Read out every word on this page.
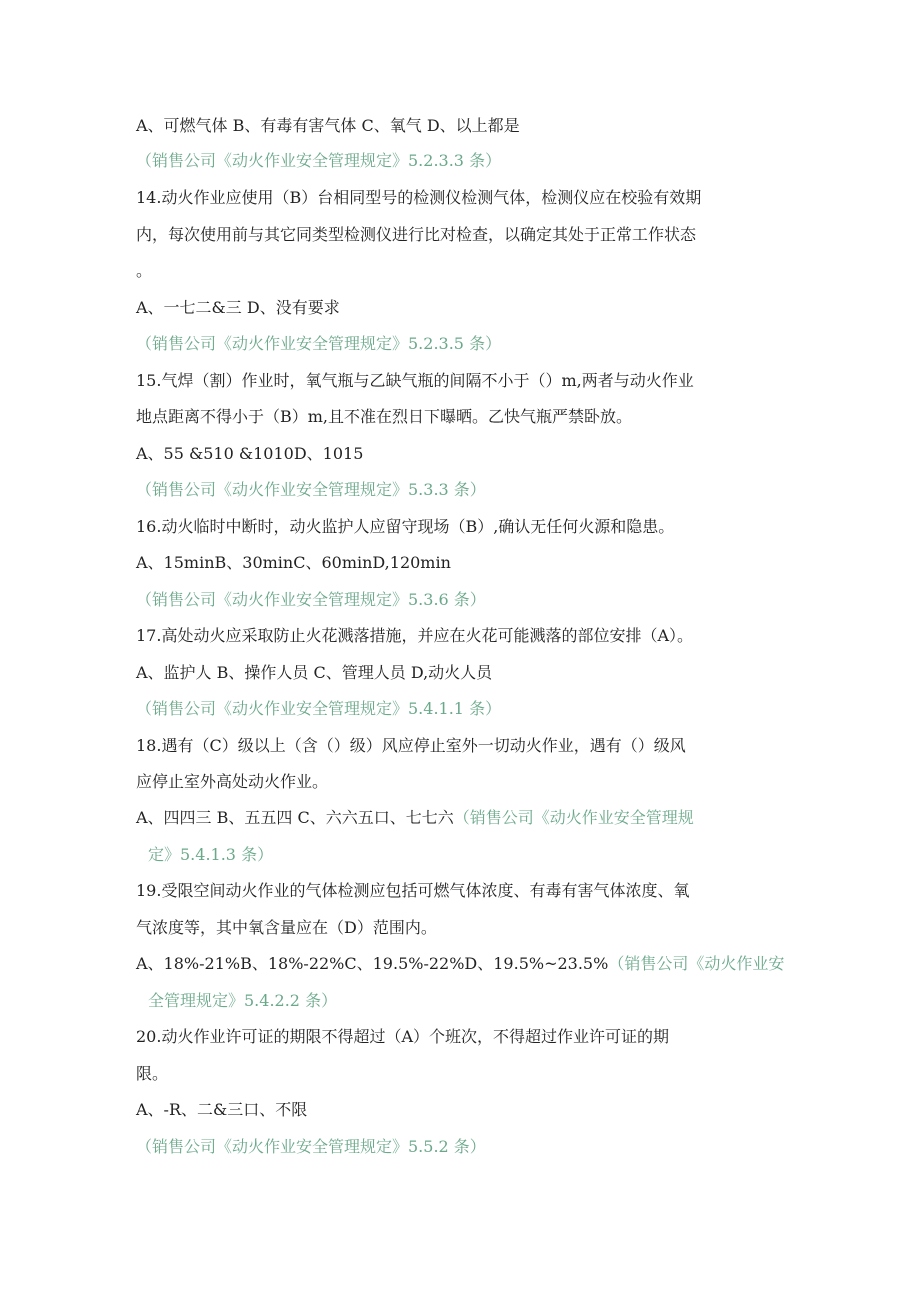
A、可燃气体 B、有毒有害气体 C、氧气 D、以上都是
（销售公司《动火作业安全管理规定》5.2.3.3 条）
14.动火作业应使用（B）台相同型号的检测仪检测气体，检测仪应在校验有效期
内，每次使用前与其它同类型检测仪进行比对检查，以确定其处于正常工作状态
。
A、一七二&三 D、没有要求
（销售公司《动火作业安全管理规定》5.2.3.5 条）
15.气焊（割）作业时，氧气瓶与乙缺气瓶的间隔不小于（）m,两者与动火作业
地点距离不得小于（B）m,且不准在烈日下曝晒。乙快气瓶严禁卧放。
A、55 &510 &1010D、1015
（销售公司《动火作业安全管理规定》5.3.3 条）
16.动火临时中断时，动火监护人应留守现场（B）,确认无任何火源和隐患。
A、15minB、30minC、60minD,120min
（销售公司《动火作业安全管理规定》5.3.6 条）
17.高处动火应采取防止火花溅落措施，并应在火花可能溅落的部位安排（A）。
A、监护人 B、操作人员 C、管理人员 D,动火人员
（销售公司《动火作业安全管理规定》5.4.1.1 条）
18.遇有（C）级以上（含（）级）风应停止室外一切动火作业，遇有（）级风
应停止室外高处动火作业。
A、四四三 B、五五四 C、六六五口、七七六（销售公司《动火作业安全管理规
定》5.4.1.3 条）
19.受限空间动火作业的气体检测应包括可燃气体浓度、有毒有害气体浓度、氧
气浓度等，其中氧含量应在（D）范围内。
A、18%-21%B、18%-22%C、19.5%-22%D、19.5%~23.5%（销售公司《动火作业安
全管理规定》5.4.2.2 条）
20.动火作业许可证的期限不得超过（A）个班次，不得超过作业许可证的期
限。
A、-R、二&三口、不限
（销售公司《动火作业安全管理规定》5.5.2 条）
